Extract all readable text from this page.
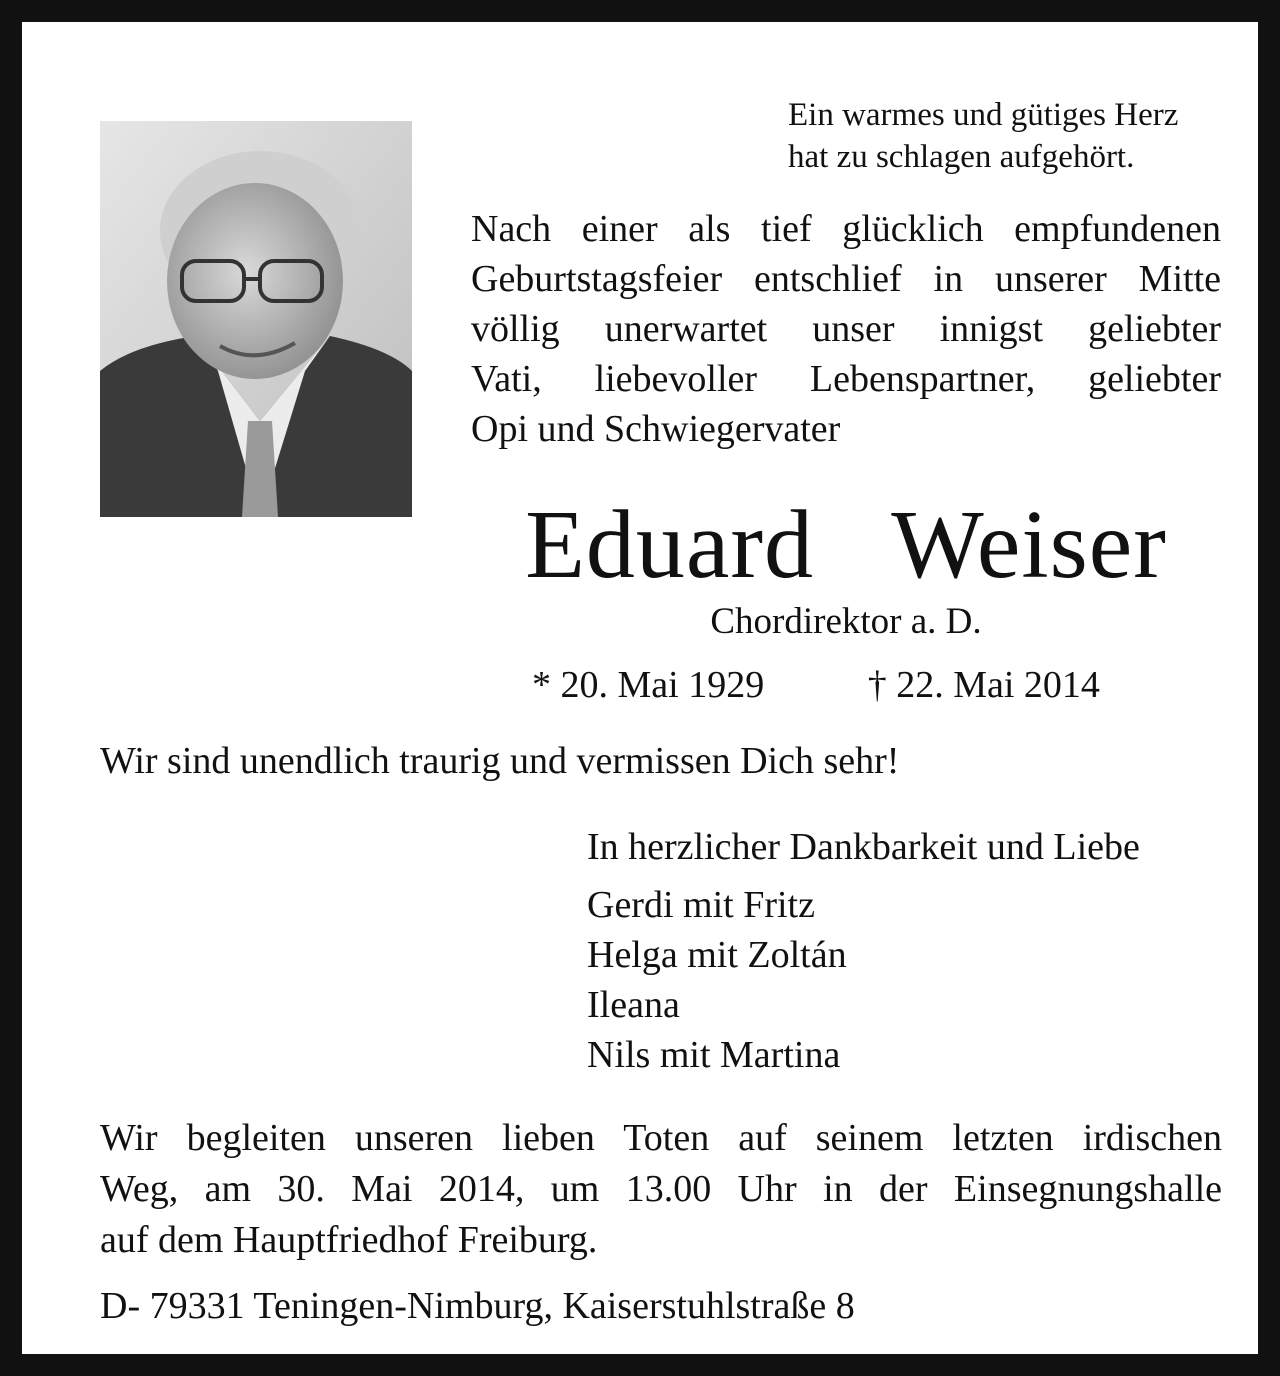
Ein warmes und gütiges Herz
hat zu schlagen aufgehört.
Nach einer als tief glücklich empfundenen
Geburtstagsfeier entschlief in unserer Mitte
völlig unerwartet unser innigst geliebter
Vati, liebevoller Lebenspartner, geliebter
Opi und Schwiegervater
Eduard  Weiser
Chordirektor a. D.
* 20. Mai 1929	† 22. Mai 2014
Wir sind unendlich traurig und vermissen Dich sehr!
In herzlicher Dankbarkeit und Liebe
Gerdi mit Fritz
Helga mit Zoltán
Ileana
Nils mit Martina
Wir begleiten unseren lieben Toten auf seinem letzten irdischen
Weg, am 30. Mai 2014, um 13.00 Uhr in der Einsegnungshalle
auf dem Hauptfriedhof Freiburg.
D- 79331 Teningen-Nimburg, Kaiserstuhlstraße 8
